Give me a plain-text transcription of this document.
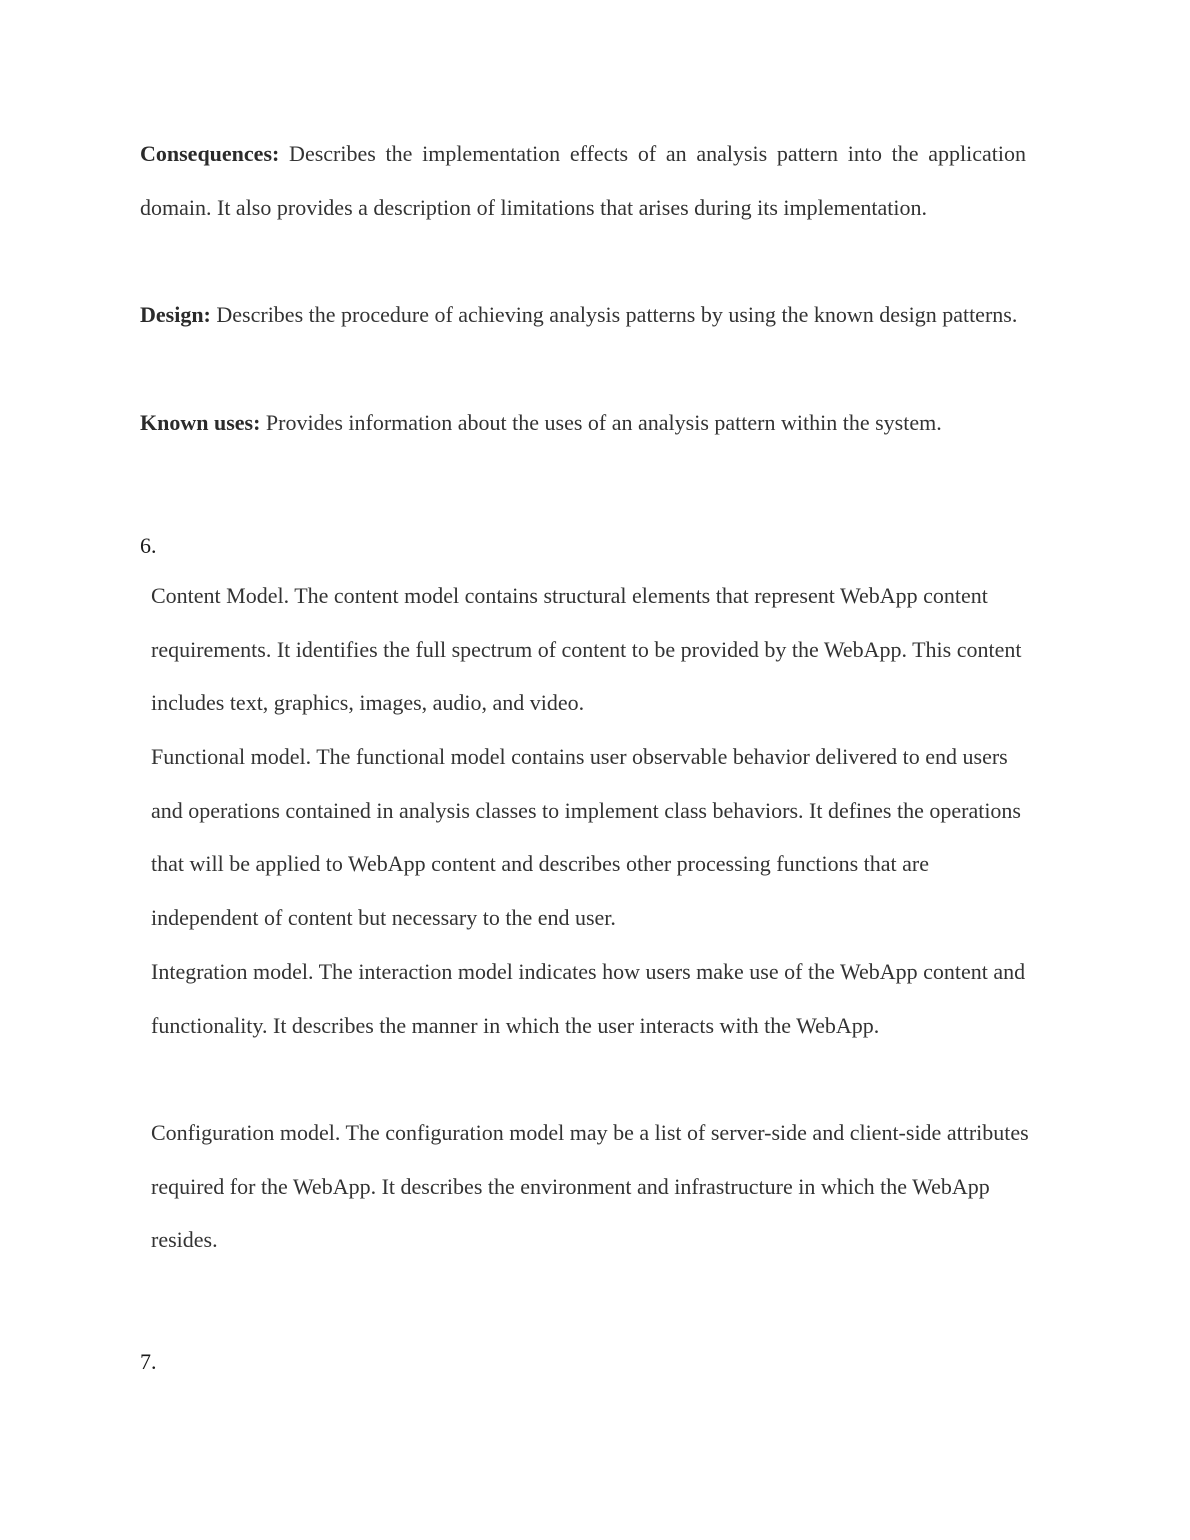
Consequences: Describes the implementation effects of an analysis pattern into the application domain. It also provides a description of limitations that arises during its implementation.

Design: Describes the procedure of achieving analysis patterns by using the known design patterns.

Known uses: Provides information about the uses of an analysis pattern within the system.

6.

Content Model. The content model contains structural elements that represent WebApp content requirements. It identifies the full spectrum of content to be provided by the WebApp. This content includes text, graphics, images, audio, and video.

Functional model. The functional model contains user observable behavior delivered to end users and operations contained in analysis classes to implement class behaviors. It defines the operations that will be applied to WebApp content and describes other processing functions that are independent of content but necessary to the end user.

Integration model. The interaction model indicates how users make use of the WebApp content and functionality. It describes the manner in which the user interacts with the WebApp.

Configuration model. The configuration model may be a list of server-side and client-side attributes required for the WebApp. It describes the environment and infrastructure in which the WebApp resides.

7.
